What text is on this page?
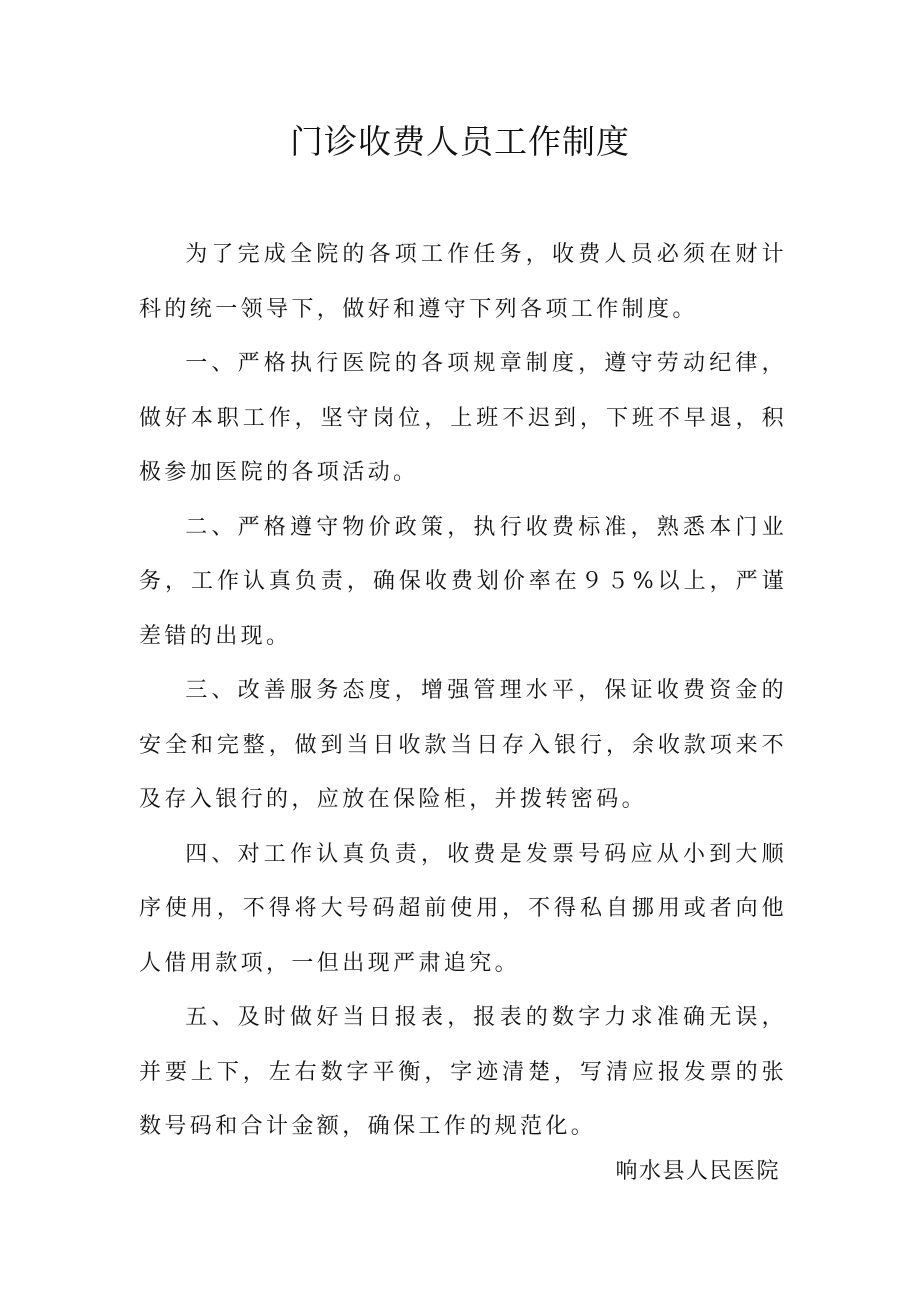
门诊收费人员工作制度

为了完成全院的各项工作任务，收费人员必须在财计科的统一领导下，做好和遵守下列各项工作制度。

一、严格执行医院的各项规章制度，遵守劳动纪律，做好本职工作，坚守岗位，上班不迟到，下班不早退，积极参加医院的各项活动。

二、严格遵守物价政策，执行收费标准，熟悉本门业务，工作认真负责，确保收费划价率在９５%以上，严谨差错的出现。

三、改善服务态度，增强管理水平，保证收费资金的安全和完整，做到当日收款当日存入银行，余收款项来不及存入银行的，应放在保险柜，并拨转密码。

四、对工作认真负责，收费是发票号码应从小到大顺序使用，不得将大号码超前使用，不得私自挪用或者向他人借用款项，一但出现严肃追究。

五、及时做好当日报表，报表的数字力求准确无误，并要上下，左右数字平衡，字迹清楚，写清应报发票的张数号码和合计金额，确保工作的规范化。

响水县人民医院
